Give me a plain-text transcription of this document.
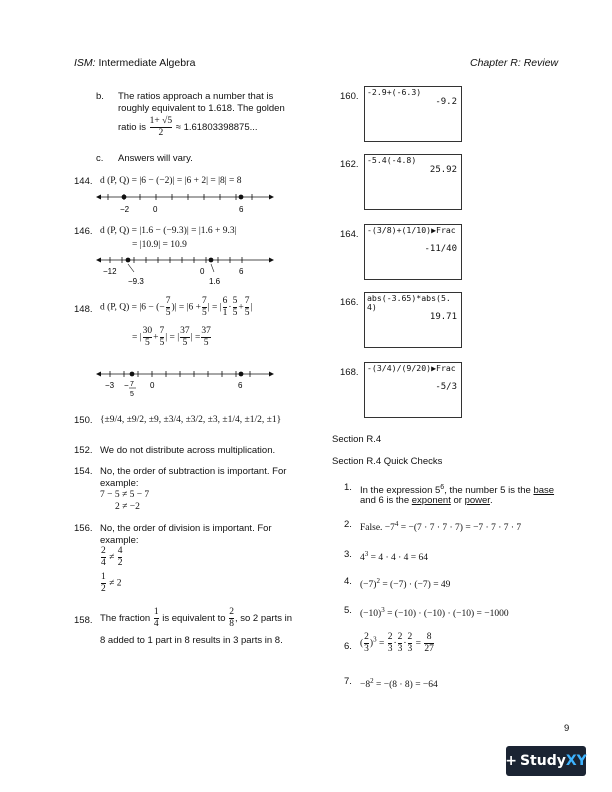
ISM: Intermediate Algebra	Chapter R: Review
b. The ratios approach a number that is
roughly equivalent to 1.618. The golden
ratio is $\frac{1+ √5}{2} \approx 1.61803398875$...
c. Answers will vary.
144. d (P, Q) = |6 − (−2)| = |6 + 2| = |8| = 8
−2	0	6
146. d (P, Q) = |1.6 − (−9.3)| = |1.6 + 9.3|
= |10.9| = 10.9
−12	0	6
−9.3	1.6
148. d (P, Q) = |6 − (− $\frac{7}{5}$ )| = $|6 + \frac{7}{5}$ | = | $\frac{6}{1} \cdot \frac{5}{5} + \frac{7}{5}$ |
= | $\frac{30}{5} + \frac{7}{5}$ | = | $\frac{37}{5}$ | = $\frac{37}{5}$
−3	0	6
− 7
5
150. {±9/4, ±9/2, ±9, ±3/4, ±3/2, ±3, ±1/4, ±1/2, ±1}
152. We do not distribute across multiplication.
154. No, the order of subtraction is important. For
example:
7 − 5 ≠ 5 − 7
2 ≠ −2
156. No, the order of division is important. For
example:
$\frac{2}{4} \ne \frac{4}{2}$
$\frac{1}{2} \ne 2$
158. The fraction $\frac{1}{4}$ is equivalent to $\frac{2}{8}$ , so 2 parts in
8 added to 1 part in 8 results in 3 parts in 8.
160. -2.9+(-6.3)
-9.2
162. -5.4(-4.8)
25.92
164. -(3/8)+(1/10)▶Frac
-11/40
166. abs(-3.65)*abs(5.4)
19.71
168. -(3/4)/(9/20)▶Frac
-5/3
Section R.4
Section R.4 Quick Checks
1. In the expression $5^6$, the number 5 is the base
and 6 is the exponent or power.
2. False. $-7^4 = -(7 \cdot 7 \cdot 7 \cdot 7) = -7 \cdot 7 \cdot 7 \cdot 7$
3. $4^3 = 4 \cdot 4 \cdot 4 = 64$
4. $(-7)^2 = (-7) \cdot (-7) = 49$
5. $(-10)^3 = (-10) \cdot (-10) \cdot (-10) = -1000$
6. ( $\frac{2}{3} )^3 = \frac{2}{3} \cdot \frac{2}{3} \cdot \frac{2}{3} = \frac{8}{27}$
7. $-8^2 = -(8 \cdot 8) = -64$
9
+ StudyXY
